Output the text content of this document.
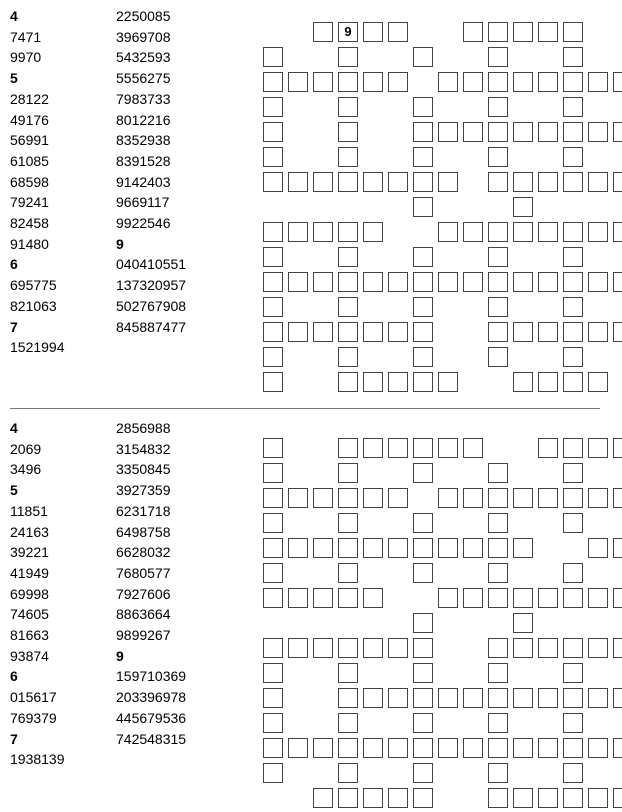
4
7471
9970
5
28122
49176
56991
61085
68598
79241
82458
91480
6
695775
821063
7
1521994
2250085
3969708
5432593
5556275
7983733
8012216
8352938
8391528
9142403
9669117
9922546
9
040410551
137320957
502767908
845887477
9
4
2069
3496
5
11851
24163
39221
41949
69998
74605
81663
93874
6
015617
769379
7
1938139
2856988
3154832
3350845
3927359
6231718
6498758
6628032
7680577
7927606
8863664
9899267
9
159710369
203396978
445679536
742548315
